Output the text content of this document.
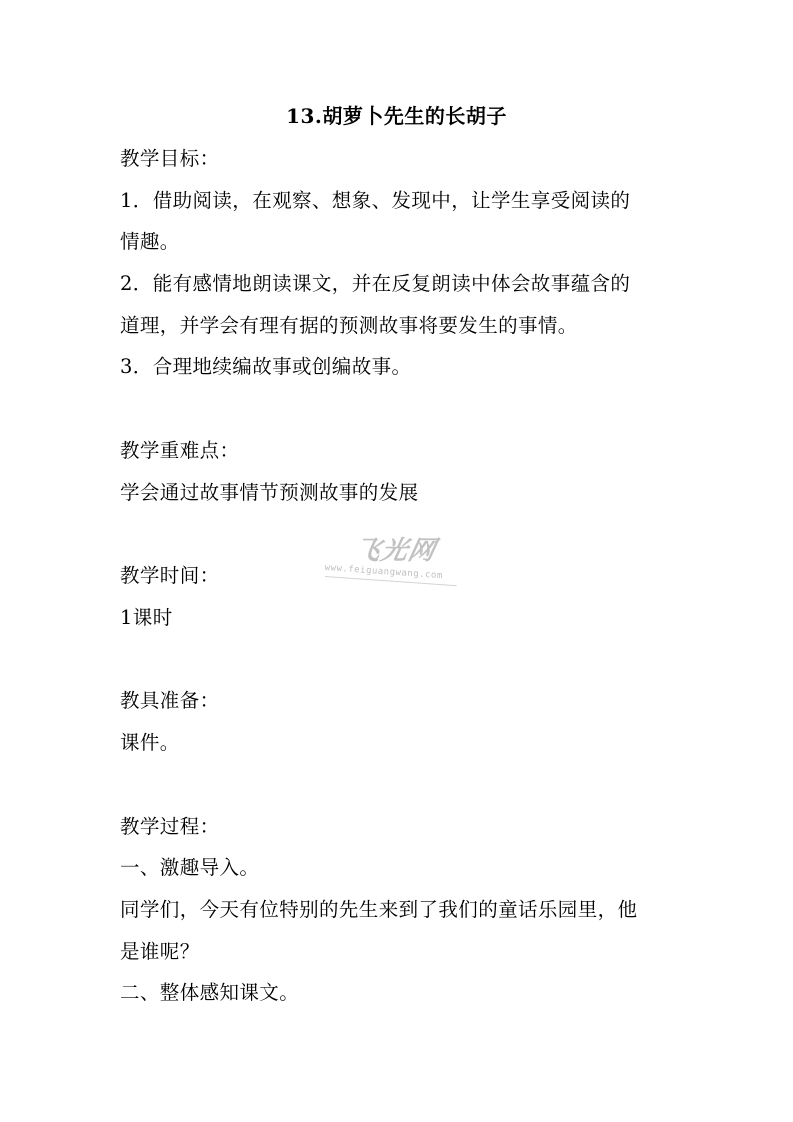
13.胡萝卜先生的长胡子
教学目标：
1．借助阅读，在观察、想象、发现中，让学生享受阅读的
情趣。
2．能有感情地朗读课文，并在反复朗读中体会故事蕴含的
道理，并学会有理有据的预测故事将要发生的事情。
3．合理地续编故事或创编故事。
教学重难点：
学会通过故事情节预测故事的发展
教学时间：
1课时
教具准备：
课件。
教学过程：
一、激趣导入。
同学们，今天有位特别的先生来到了我们的童话乐园里，他
是谁呢？
二、整体感知课文。
飞光网
www.feiguangwang.com
